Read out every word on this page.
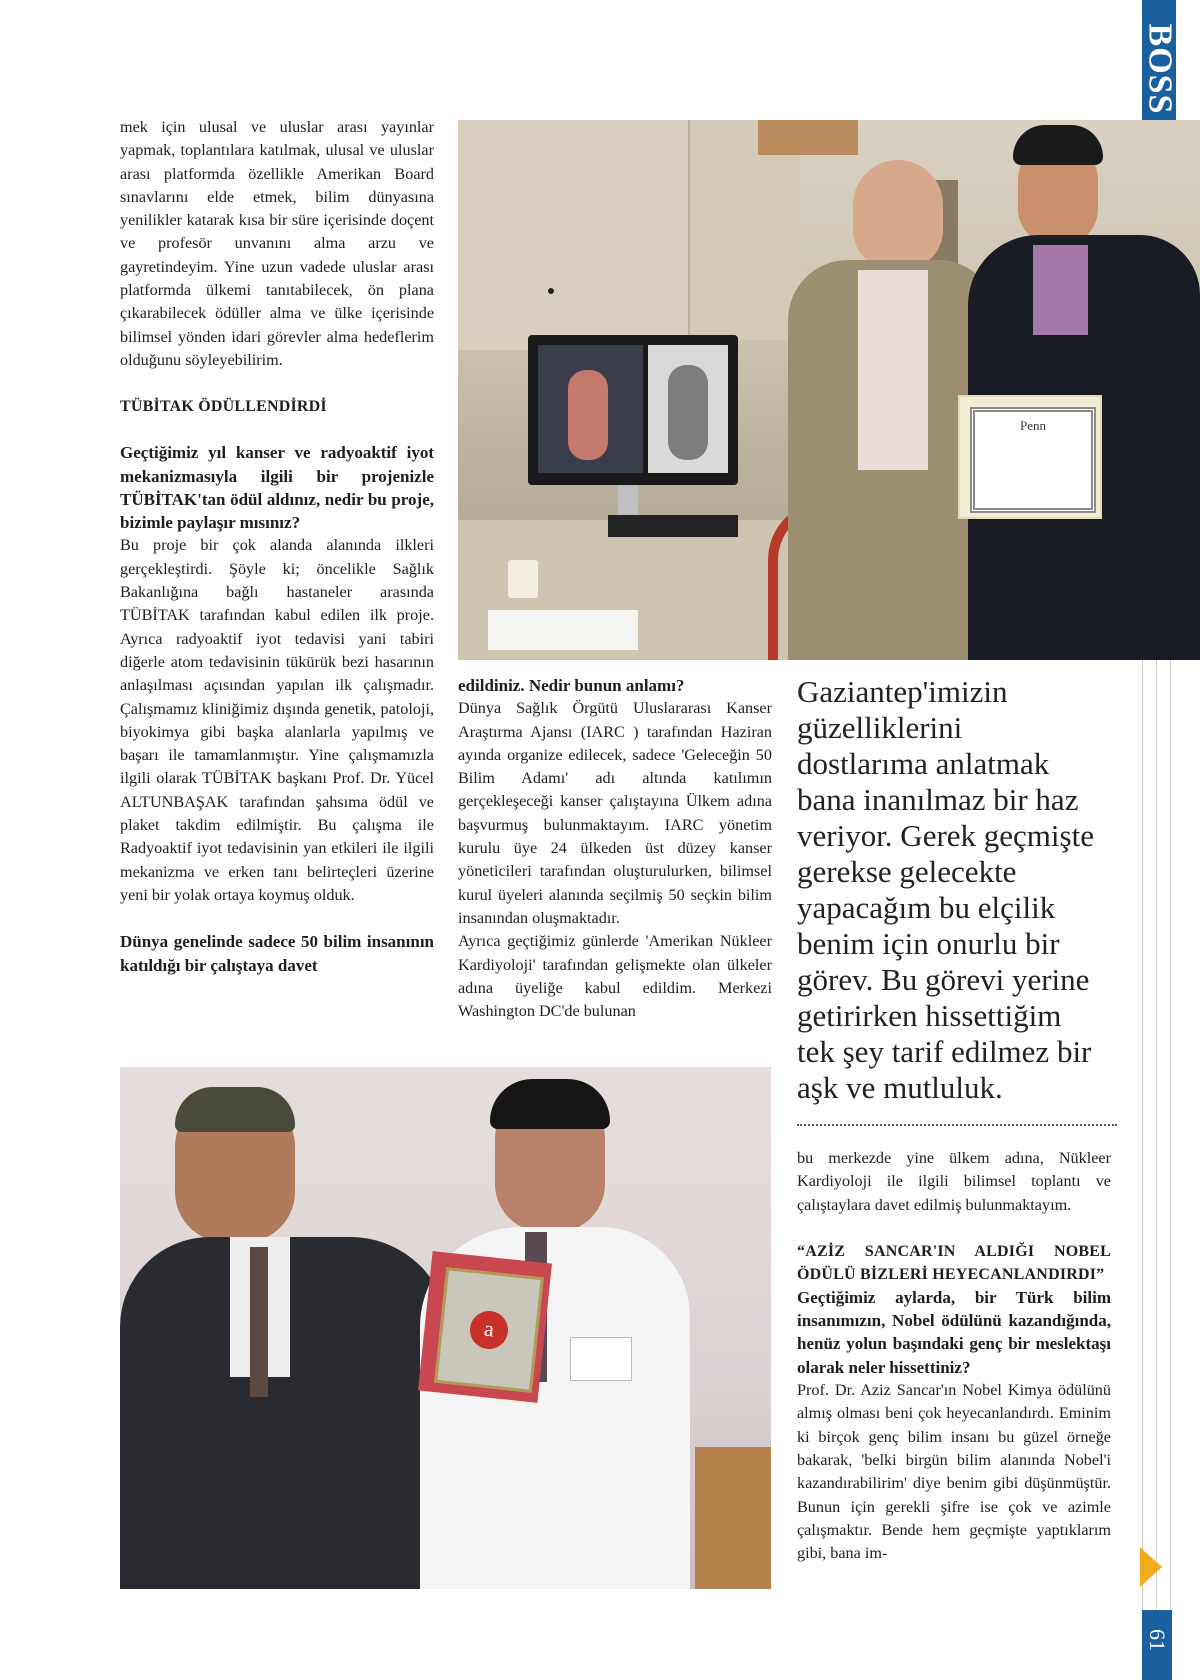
BOSS
61

mek için ulusal ve uluslar arası yayınlar yapmak, toplantılara katılmak, ulusal ve uluslar arası platformda özellikle Amerikan Board sınavlarını elde etmek, bilim dünyasına yenilikler katarak kısa bir süre içerisinde doçent ve profesör unvanını alma arzu ve gayretindeyim. Yine uzun vadede uluslar arası platformda ülkemi tanıtabilecek, ön plana çıkarabilecek ödüller alma ve ülke içerisinde bilimsel yönden idari görevler alma hedeflerim olduğunu söyleyebilirim.

TÜBİTAK ÖDÜLLENDİRDİ

Geçtiğimiz yıl kanser ve radyoaktif iyot mekanizmasıyla ilgili bir projenizle TÜBİTAK'tan ödül aldınız, nedir bu proje, bizimle paylaşır mısınız?

Bu proje bir çok alanda alanında ilkleri gerçekleştirdi. Şöyle ki; öncelikle Sağlık Bakanlığına bağlı hastaneler arasında TÜBİTAK tarafından kabul edilen ilk proje. Ayrıca radyoaktif iyot tedavisi yani tabiri diğerle atom tedavisinin tükürük bezi hasarının anlaşılması açısından yapılan ilk çalışmadır. Çalışmamız kliniğimiz dışında genetik, patoloji, biyokimya gibi başka alanlarla yapılmış ve başarı ile tamamlanmıştır. Yine çalışmamızla ilgili olarak TÜBİTAK başkanı Prof. Dr. Yücel ALTUNBAŞAK tarafından şahsıma ödül ve plaket takdim edilmiştir. Bu çalışma ile Radyoaktif iyot tedavisinin yan etkileri ile ilgili mekanizma ve erken tanı belirteçleri üzerine yeni bir yolak ortaya koymuş olduk.

Dünya genelinde sadece 50 bilim insanının katıldığı bir çalıştaya davet

Penn

edildiniz. Nedir bunun anlamı?

Dünya Sağlık Örgütü Uluslararası Kanser Araştırma Ajansı (IARC ) tarafından Haziran ayında organize edilecek, sadece 'Geleceğin 50 Bilim Adamı' adı altında katılımın gerçekleşeceği kanser çalıştayına Ülkem adına başvurmuş bulunmaktayım. IARC yönetim kurulu üye 24 ülkeden üst düzey kanser yöneticileri tarafından oluşturulurken, bilimsel kurul üyeleri alanında seçilmiş 50 seçkin bilim insanından oluşmaktadır.

Ayrıca geçtiğimiz günlerde 'Amerikan Nükleer Kardiyoloji' tarafından gelişmekte olan ülkeler adına üyeliğe kabul edildim. Merkezi Washington DC'de bulunan

Gaziantep'imizin
güzelliklerini
dostlarıma anlatmak
bana inanılmaz bir haz
veriyor. Gerek geçmişte
gerekse gelecekte
yapacağım bu elçilik
benim için onurlu bir
görev. Bu görevi yerine
getirirken hissettiğim
tek şey tarif edilmez bir
aşk ve mutluluk.
a

bu merkezde yine ülkem adına, Nükleer Kardiyoloji ile ilgili bilimsel toplantı ve çalıştaylara davet edilmiş bulunmaktayım.

“AZİZ SANCAR'IN ALDIĞI NOBEL ÖDÜLÜ BİZLERİ HEYECANLANDIRDI”

Geçtiğimiz aylarda, bir Türk bilim insanımızın, Nobel ödülünü kazandığında, henüz yolun başındaki genç bir meslektaşı olarak neler hissettiniz?

Prof. Dr. Aziz Sancar'ın Nobel Kimya ödülünü almış olması beni çok heyecanlandırdı. Eminim ki birçok genç bilim insanı bu güzel örneğe bakarak, 'belki birgün bilim alanında Nobel'i kazandırabilirim' diye benim gibi düşünmüştür. Bunun için gerekli şifre ise çok ve azimle çalışmaktır. Bende hem geçmişte yaptıklarım gibi, bana im-
